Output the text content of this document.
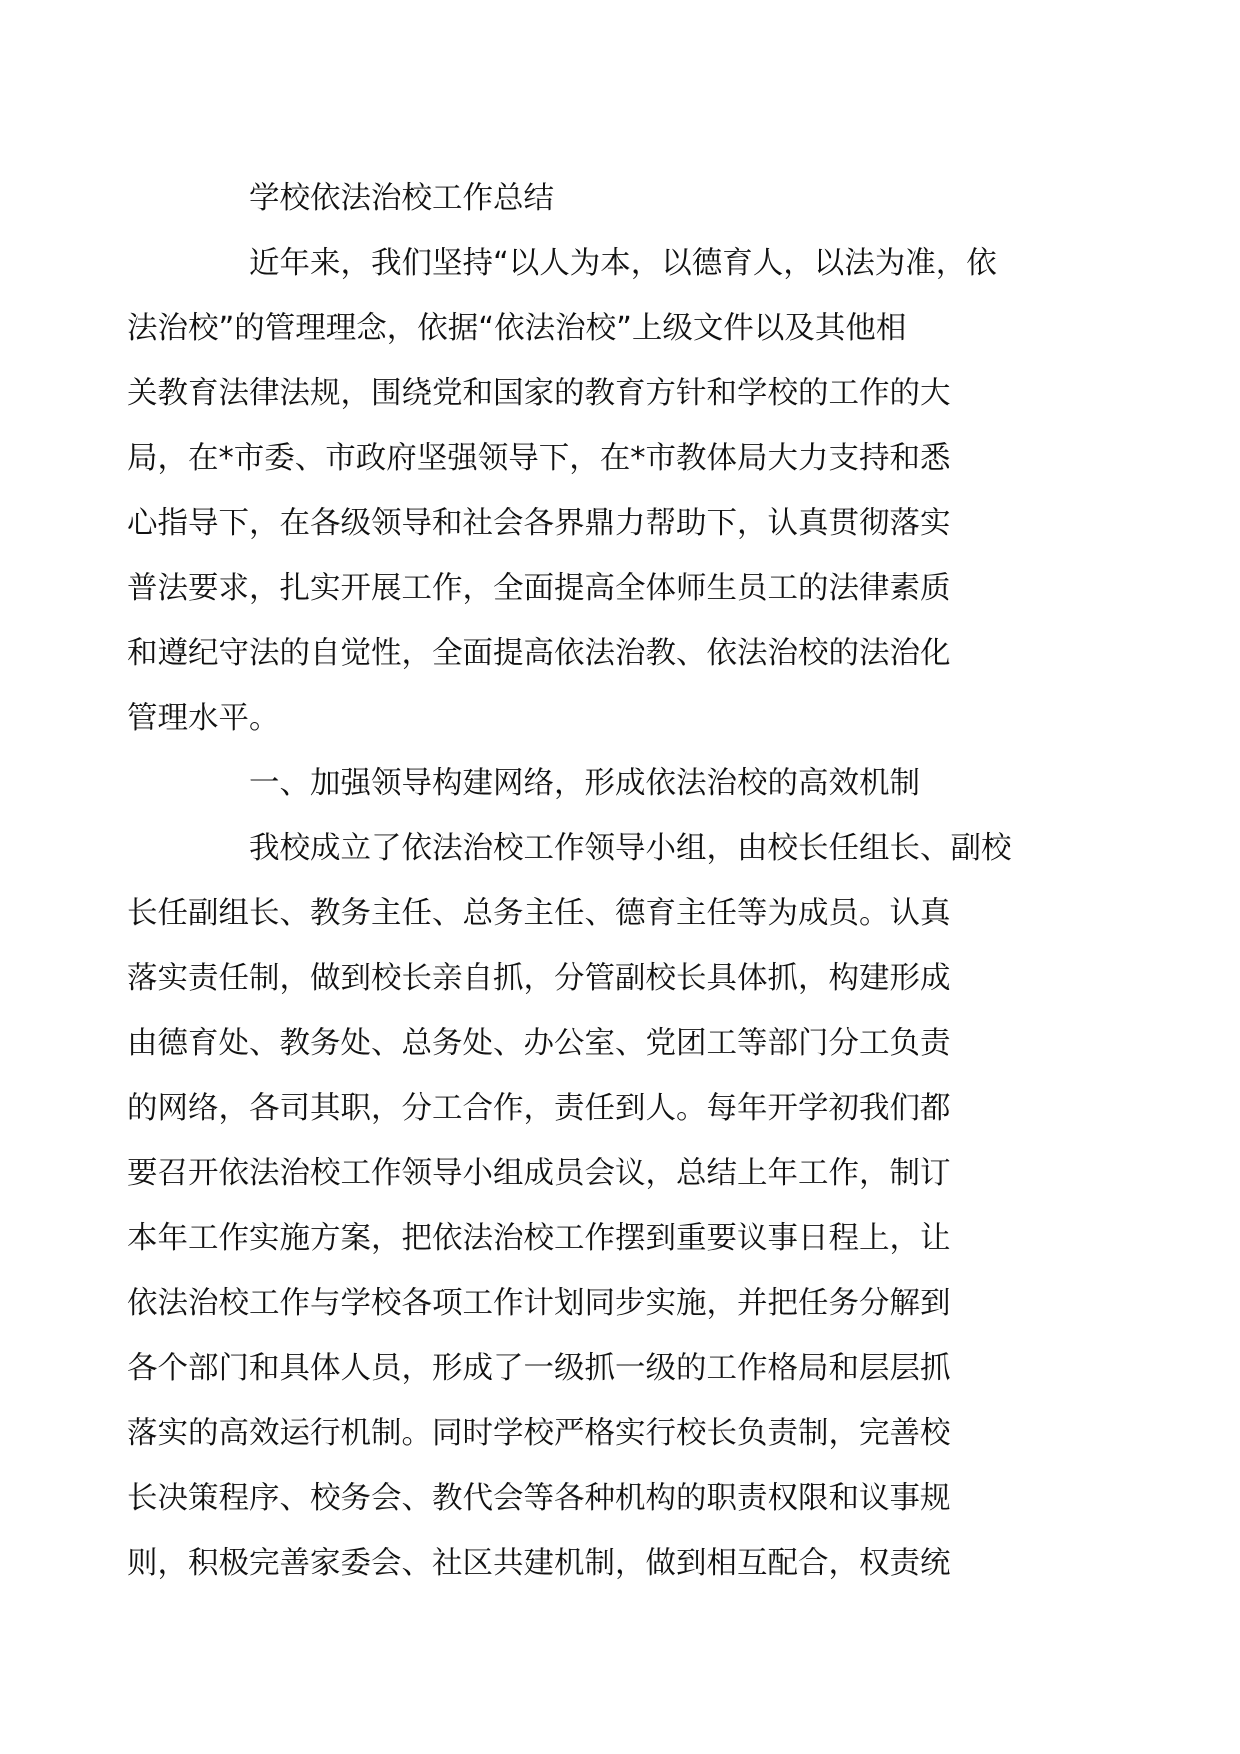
学校依法治校工作总结
近年来，我们坚持“以人为本，以德育人，以法为准，依
法治校”的管理理念，依据“依法治校”上级文件以及其他相
关教育法律法规，围绕党和国家的教育方针和学校的工作的大
局，在*市委、市政府坚强领导下，在*市教体局大力支持和悉
心指导下，在各级领导和社会各界鼎力帮助下，认真贯彻落实
普法要求，扎实开展工作，全面提高全体师生员工的法律素质
和遵纪守法的自觉性，全面提高依法治教、依法治校的法治化
管理水平。
一、加强领导构建网络，形成依法治校的高效机制
我校成立了依法治校工作领导小组，由校长任组长、副校
长任副组长、教务主任、总务主任、德育主任等为成员。认真
落实责任制，做到校长亲自抓，分管副校长具体抓，构建形成
由德育处、教务处、总务处、办公室、党团工等部门分工负责
的网络，各司其职，分工合作，责任到人。每年开学初我们都
要召开依法治校工作领导小组成员会议，总结上年工作，制订
本年工作实施方案，把依法治校工作摆到重要议事日程上，让
依法治校工作与学校各项工作计划同步实施，并把任务分解到
各个部门和具体人员，形成了一级抓一级的工作格局和层层抓
落实的高效运行机制。同时学校严格实行校长负责制，完善校
长决策程序、校务会、教代会等各种机构的职责权限和议事规
则，积极完善家委会、社区共建机制，做到相互配合，权责统
